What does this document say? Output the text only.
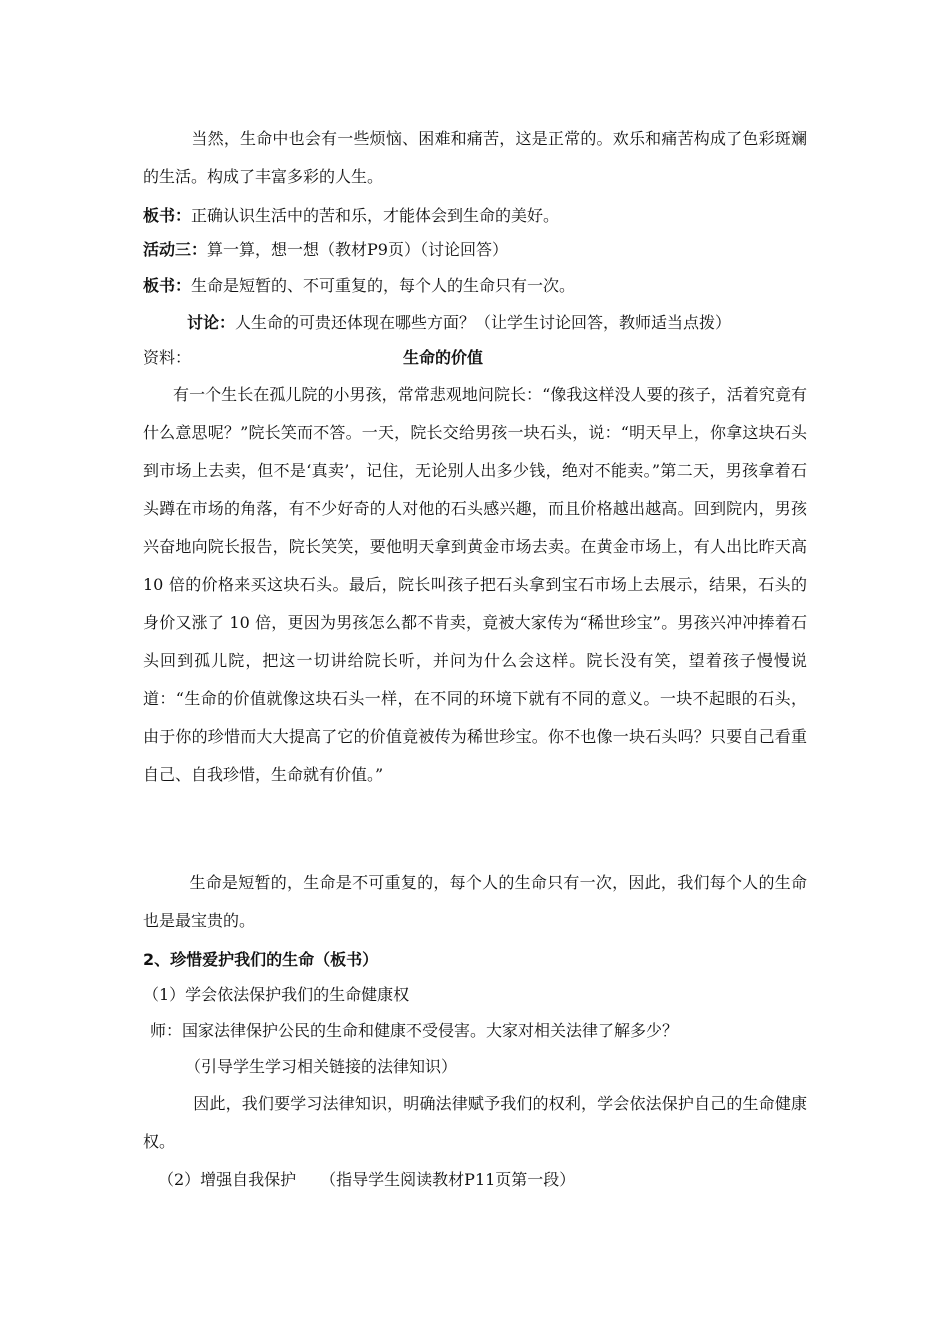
　　当然，生命中也会有一些烦恼、困难和痛苦，这是正常的。欢乐和痛苦构成了色彩斑斓的生活。构成了丰富多彩的人生。
板书：正确认识生活中的苦和乐，才能体会到生命的美好。
活动三：算一算，想一想（教材P9页）（讨论回答）
板书：生命是短暂的、不可重复的，每个人的生命只有一次。
讨论：人生命的可贵还体现在哪些方面？（让学生讨论回答，教师适当点拨）
资料：	生命的价值
　有一个生长在孤儿院的小男孩，常常悲观地问院长：“像我这样没人要的孩子，活着究竟有什么意思呢？”院长笑而不答。一天，院长交给男孩一块石头，说：“明天早上，你拿这块石头到市场上去卖，但不是‘真卖’，记住，无论别人出多少钱，绝对不能卖。”第二天，男孩拿着石头蹲在市场的角落，有不少好奇的人对他的石头感兴趣，而且价格越出越高。回到院内，男孩兴奋地向院长报告，院长笑笑，要他明天拿到黄金市场去卖。在黄金市场上，有人出比昨天高 10 倍的价格来买这块石头。最后，院长叫孩子把石头拿到宝石市场上去展示，结果，石头的身价又涨了 10 倍，更因为男孩怎么都不肯卖，竟被大家传为“稀世珍宝”。男孩兴冲冲捧着石头回到孤儿院，把这一切讲给院长听，并问为什么会这样。院长没有笑，望着孩子慢慢说道：“生命的价值就像这块石头一样，在不同的环境下就有不同的意义。一块不起眼的石头，由于你的珍惜而大大提高了它的价值竟被传为稀世珍宝。你不也像一块石头吗？只要自己看重自己、自我珍惜，生命就有价值。”
　　生命是短暂的，生命是不可重复的，每个人的生命只有一次，因此，我们每个人的生命也是最宝贵的。
2、珍惜爱护我们的生命（板书）
（1）学会依法保护我们的生命健康权
师：国家法律保护公民的生命和健康不受侵害。大家对相关法律了解多少？
（引导学生学习相关链接的法律知识）
　　因此，我们要学习法律知识，明确法律赋予我们的权利，学会依法保护自己的生命健康权。
（2）增强自我保护　　（指导学生阅读教材P11页第一段）
